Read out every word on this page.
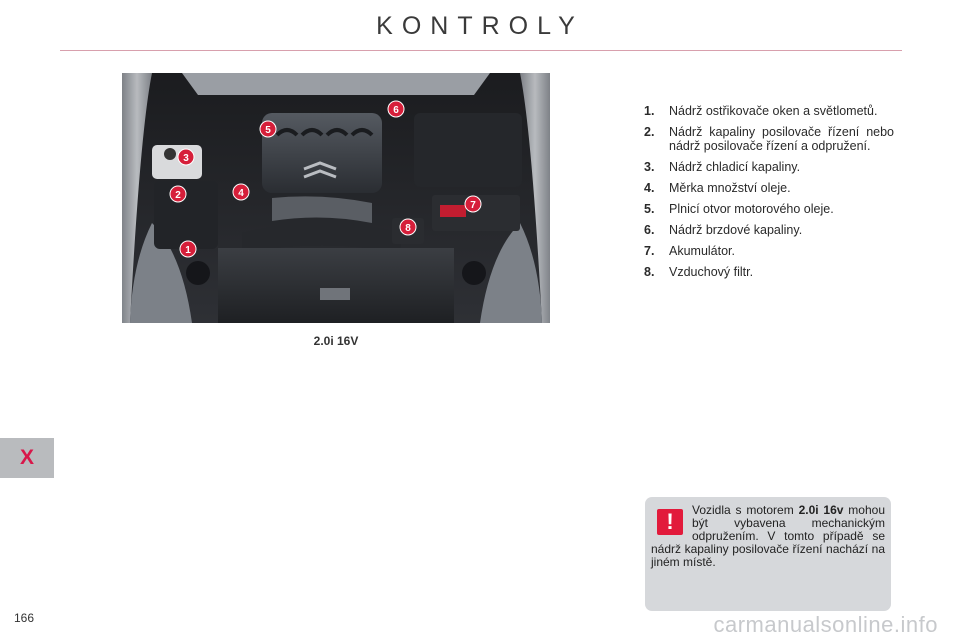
KONTROLY
1
2
3
4
5
6
7
8
2.0i 16V
1. Nádrž ostřikovače oken a světlometů.
2. Nádrž kapaliny posilovače řízení nebo nádrž posilovače řízení a odpružení.
3. Nádrž chladicí kapaliny.
4. Měrka množství oleje.
5. Plnicí otvor motorového oleje.
6. Nádrž brzdové kapaliny.
7. Akumulátor.
8. Vzduchový filtr.
X
166
!	Vozidla s motorem 2.0i 16v mohou být vybavena mechanickým odpružením. V tomto případě se nádrž kapaliny posilovače řízení nachází na jiném místě.
carmanualsonline.info
